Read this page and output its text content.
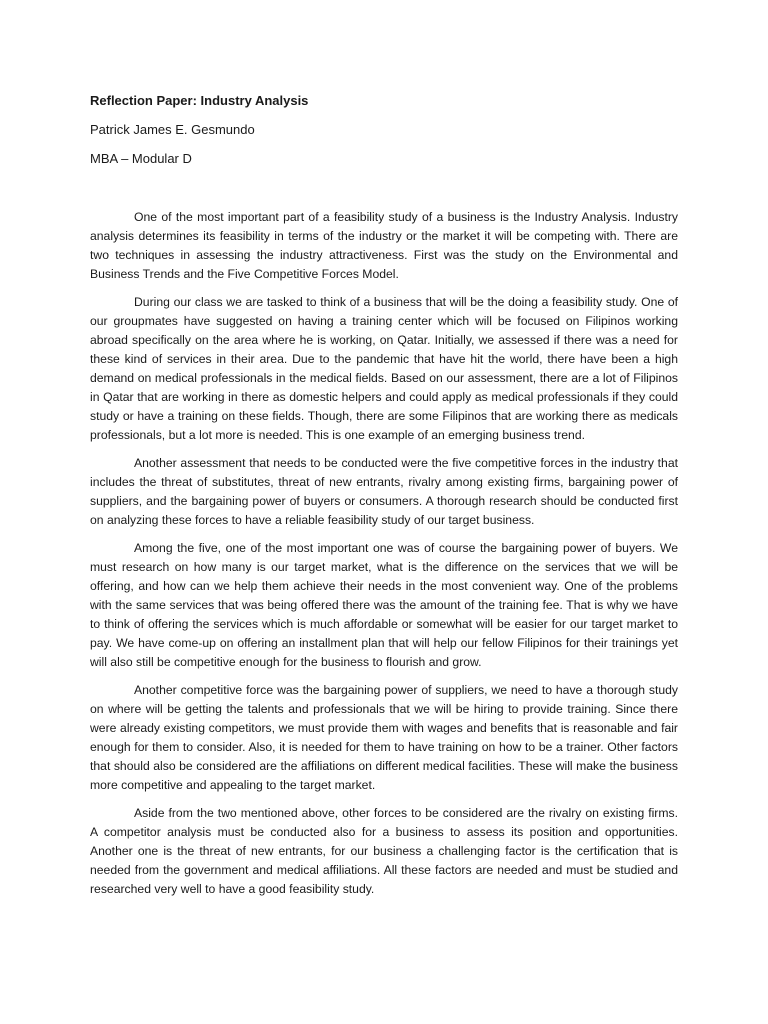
Reflection Paper: Industry Analysis

Patrick James E. Gesmundo

MBA – Modular D

One of the most important part of a feasibility study of a business is the Industry Analysis. Industry analysis determines its feasibility in terms of the industry or the market it will be competing with. There are two techniques in assessing the industry attractiveness. First was the study on the Environmental and Business Trends and the Five Competitive Forces Model.

During our class we are tasked to think of a business that will be the doing a feasibility study. One of our groupmates have suggested on having a training center which will be focused on Filipinos working abroad specifically on the area where he is working, on Qatar. Initially, we assessed if there was a need for these kind of services in their area. Due to the pandemic that have hit the world, there have been a high demand on medical professionals in the medical fields. Based on our assessment, there are a lot of Filipinos in Qatar that are working in there as domestic helpers and could apply as medical professionals if they could study or have a training on these fields. Though, there are some Filipinos that are working there as medicals professionals, but a lot more is needed. This is one example of an emerging business trend.

Another assessment that needs to be conducted were the five competitive forces in the industry that includes the threat of substitutes, threat of new entrants, rivalry among existing firms, bargaining power of suppliers, and the bargaining power of buyers or consumers. A thorough research should be conducted first on analyzing these forces to have a reliable feasibility study of our target business.

Among the five, one of the most important one was of course the bargaining power of buyers. We must research on how many is our target market, what is the difference on the services that we will be offering, and how can we help them achieve their needs in the most convenient way. One of the problems with the same services that was being offered there was the amount of the training fee. That is why we have to think of offering the services which is much affordable or somewhat will be easier for our target market to pay. We have come-up on offering an installment plan that will help our fellow Filipinos for their trainings yet will also still be competitive enough for the business to flourish and grow.

Another competitive force was the bargaining power of suppliers, we need to have a thorough study on where will be getting the talents and professionals that we will be hiring to provide training. Since there were already existing competitors, we must provide them with wages and benefits that is reasonable and fair enough for them to consider. Also, it is needed for them to have training on how to be a trainer. Other factors that should also be considered are the affiliations on different medical facilities. These will make the business more competitive and appealing to the target market.

Aside from the two mentioned above, other forces to be considered are the rivalry on existing firms. A competitor analysis must be conducted also for a business to assess its position and opportunities. Another one is the threat of new entrants, for our business a challenging factor is the certification that is needed from the government and medical affiliations. All these factors are needed and must be studied and researched very well to have a good feasibility study.
